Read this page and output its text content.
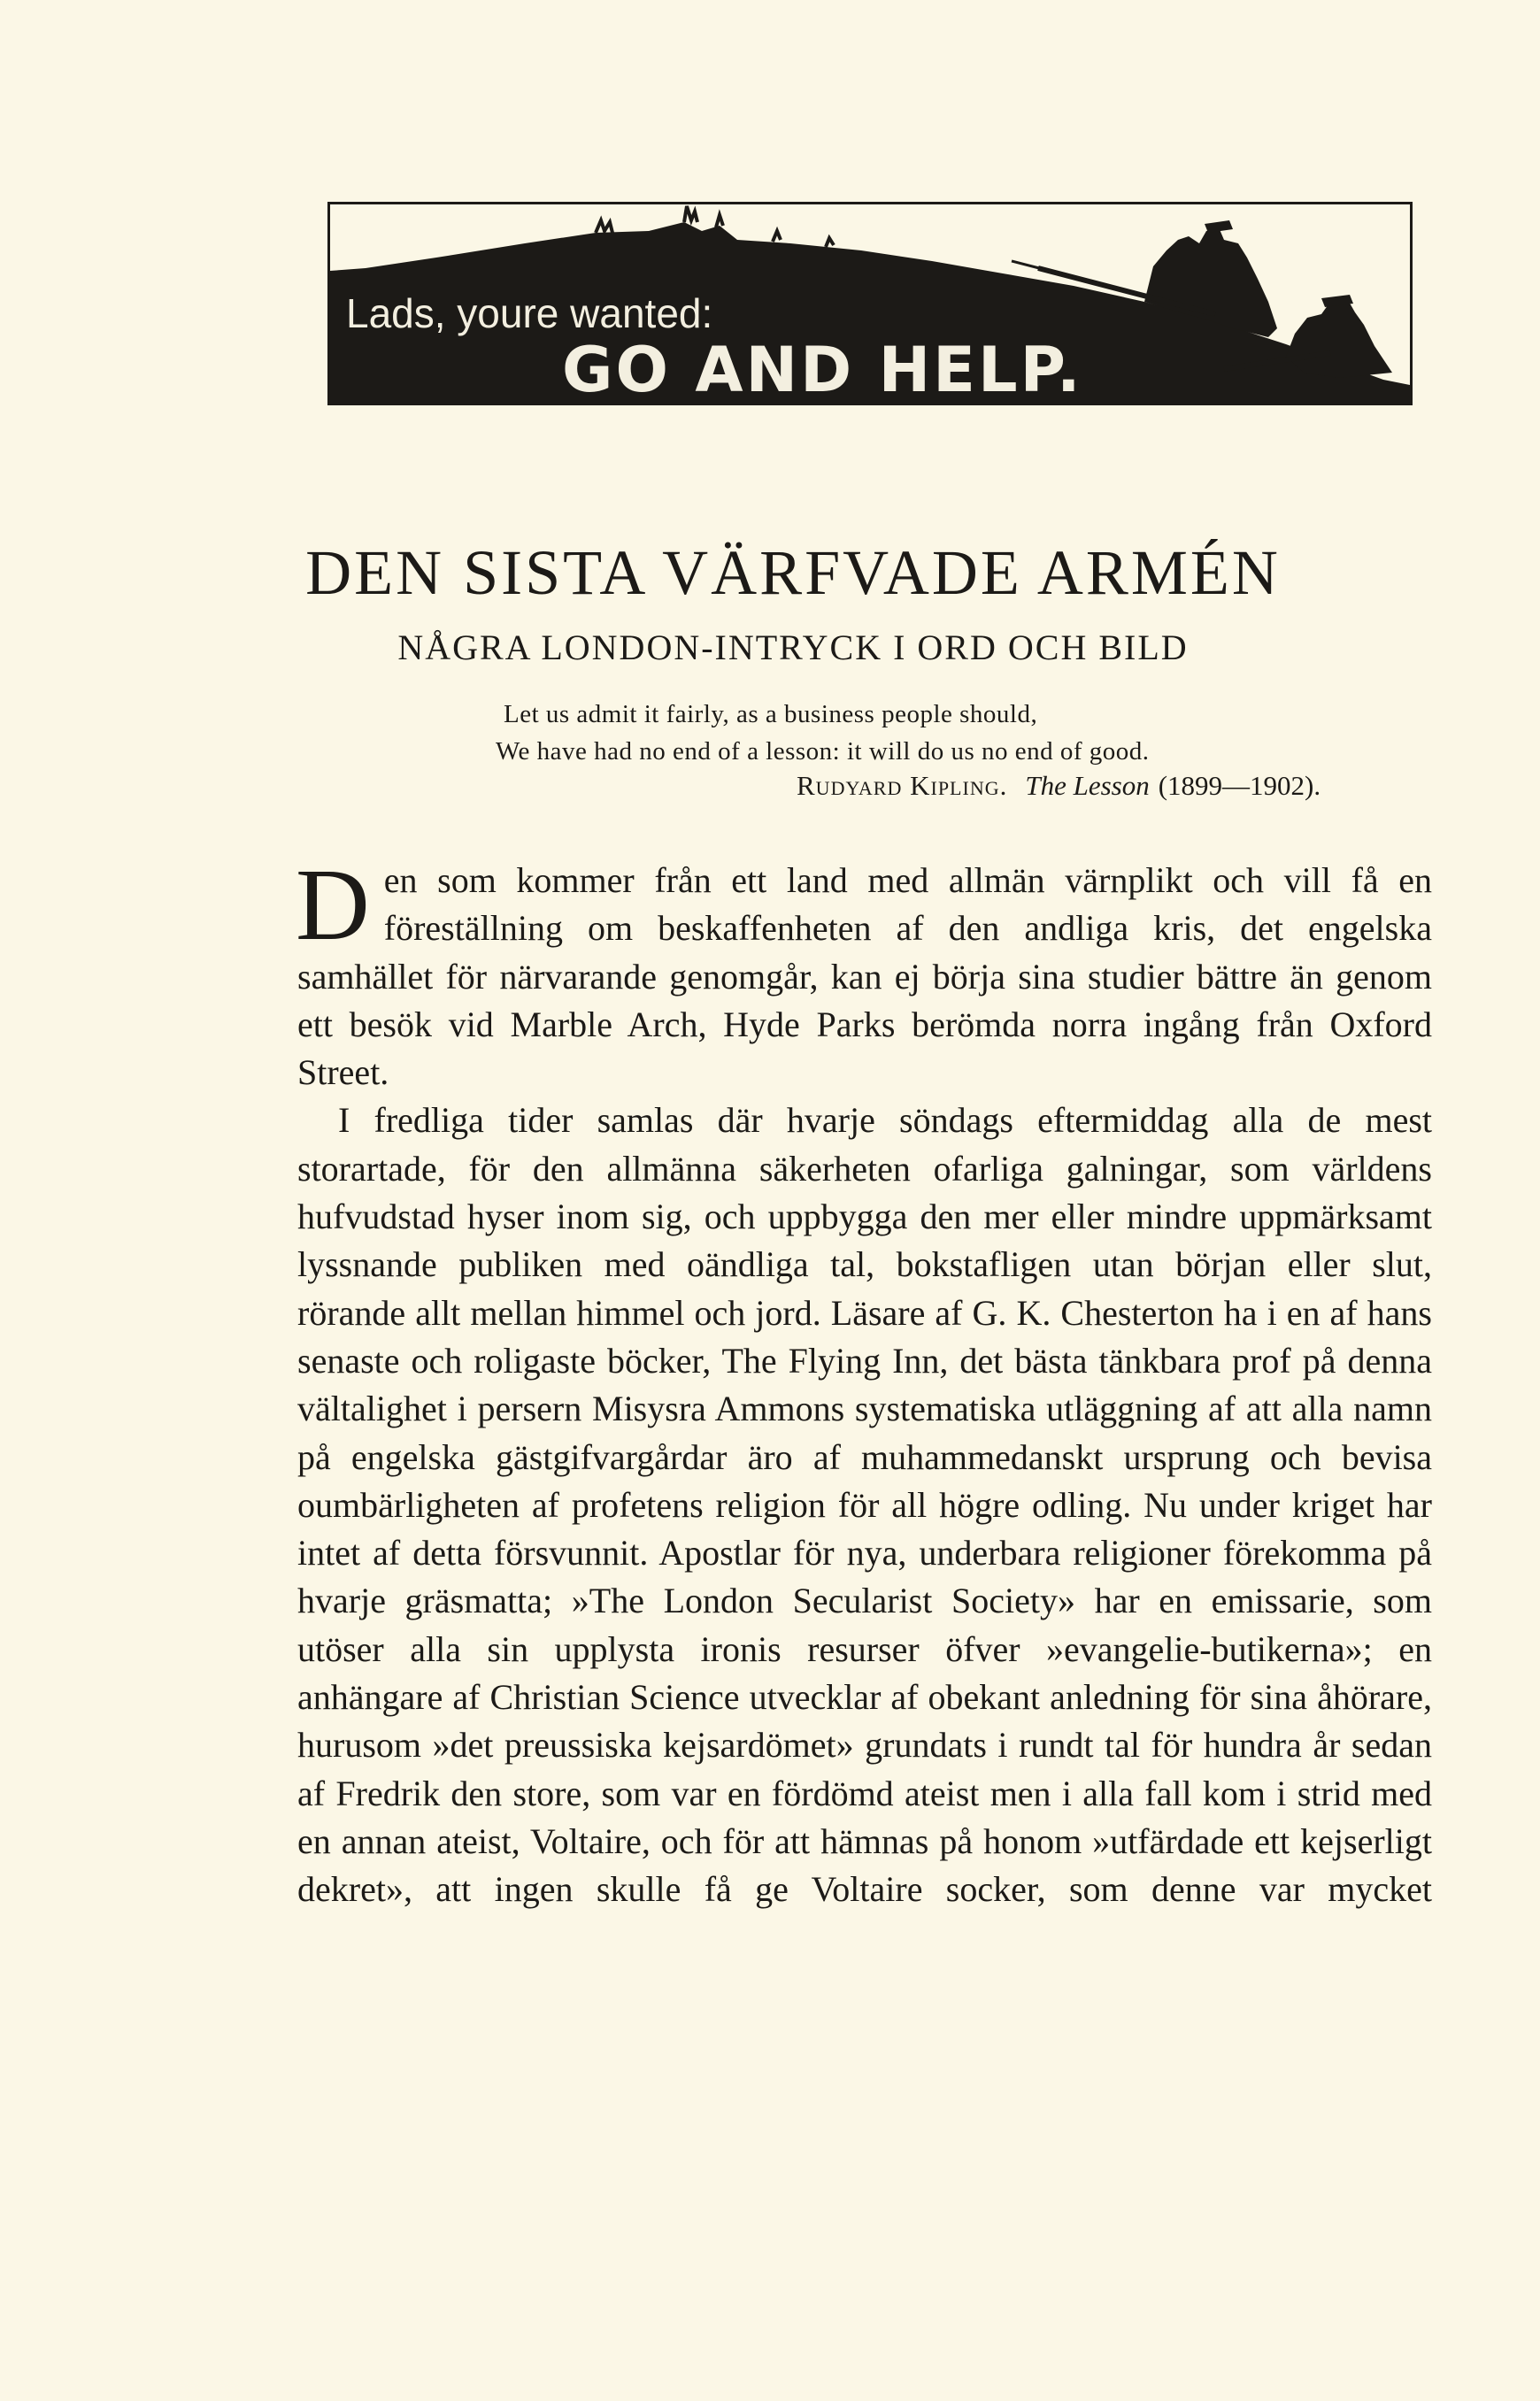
Lads, youre wanted:
GO AND HELP.
DEN SISTA VÄRFVADE ARMÉN
NÅGRA LONDON-INTRYCK I ORD OCH BILD
Let us admit it fairly, as a business people should,
We have had no end of a lesson: it will do us no end of good.
Rudyard Kipling. The Lesson (1899—1902).

Den som kommer från ett land med allmän värnplikt och vill få en föreställning om beskaffenheten af den andliga kris, det engelska samhället för närvarande genomgår, kan ej börja sina studier bättre än genom ett besök vid Marble Arch, Hyde Parks berömda norra ingång från Oxford Street.

I fredliga tider samlas där hvarje söndags eftermiddag alla de mest storartade, för den allmänna säkerheten ofarliga galningar, som världens hufvudstad hyser inom sig, och uppbygga den mer eller mindre uppmärksamt lyssnande publiken med oändliga tal, bokstafligen utan början eller slut, rörande allt mellan himmel och jord. Läsare af G. K. Chesterton ha i en af hans senaste och roligaste böcker, The Flying Inn, det bästa tänkbara prof på denna vältalighet i persern Misysra Ammons systematiska utläggning af att alla namn på engelska gästgifvargårdar äro af muhammedanskt ursprung och bevisa oumbärligheten af profetens religion för all högre odling. Nu under kriget har intet af detta försvunnit. Apostlar för nya, underbara religioner förekomma på hvarje gräsmatta; »The London Secularist Society» har en emissarie, som utöser alla sin upplysta ironis resurser öfver »evangelie-butikerna»; en anhängare af Christian Science utvecklar af obekant anledning för sina åhörare, hurusom »det preussiska kejsardömet» grundats i rundt tal för hundra år sedan af Fredrik den store, som var en fördömd ateist men i alla fall kom i strid med en annan ateist, Voltaire, och för att hämnas på honom »utfärdade ett kejserligt dekret», att ingen skulle få ge Voltaire socker, som denne var mycket
